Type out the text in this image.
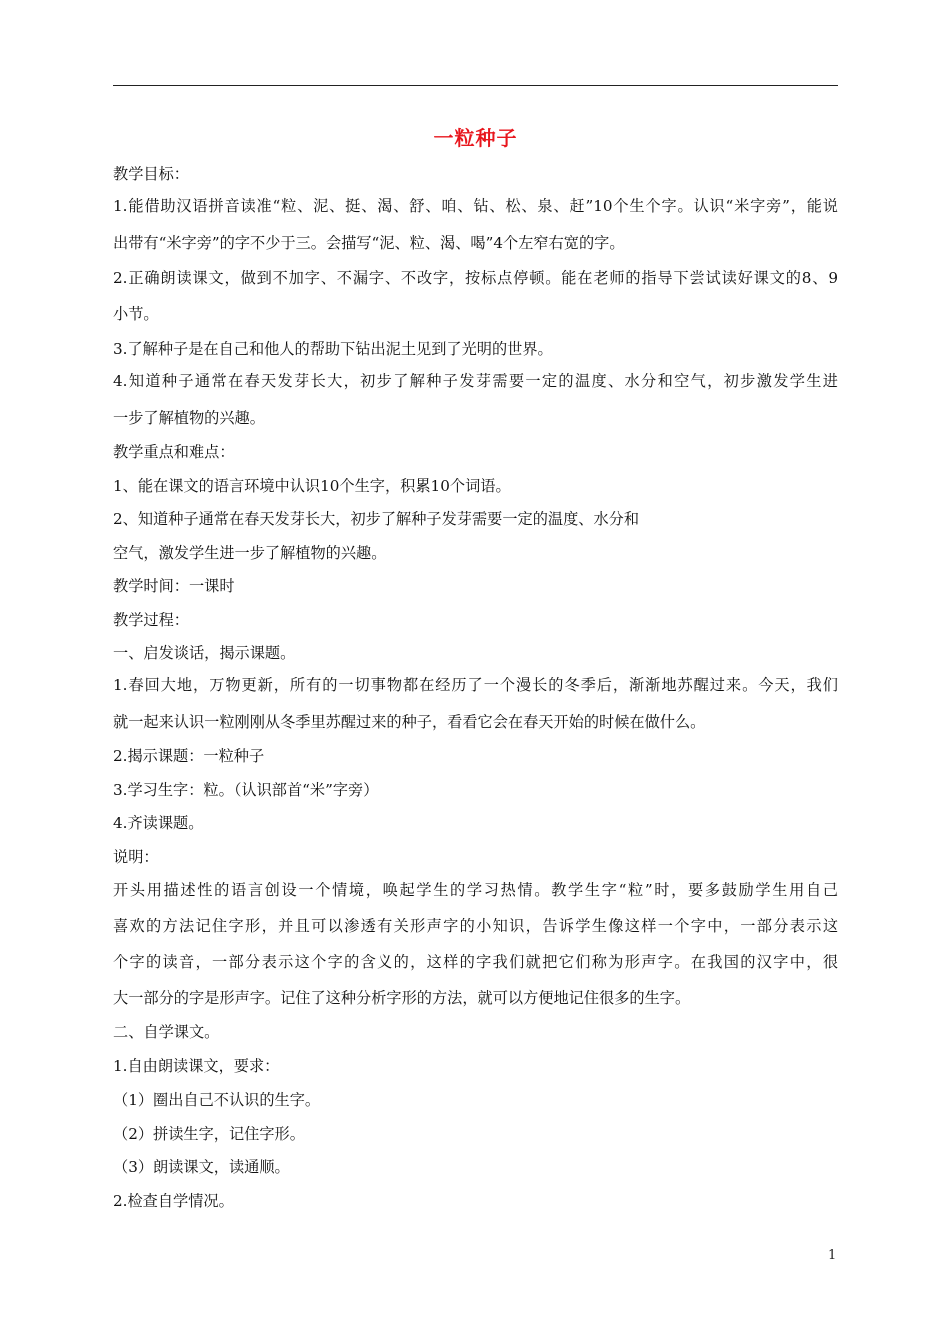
一粒种子
教学目标：
1.能借助汉语拼音读准“粒、泥、挺、渴、舒、咱、钻、松、泉、赶”10个生个字。认识“米字旁”，能说
出带有“米字旁”的字不少于三。会描写“泥、粒、渴、喝”4个左窄右宽的字。
2.正确朗读课文，做到不加字、不漏字、不改字，按标点停顿。能在老师的指导下尝试读好课文的8、9
小节。
3.了解种子是在自己和他人的帮助下钻出泥土见到了光明的世界。
4.知道种子通常在春天发芽长大，初步了解种子发芽需要一定的温度、水分和空气，初步激发学生进
一步了解植物的兴趣。
教学重点和难点：
1、能在课文的语言环境中认识10个生字，积累10个词语。
2、知道种子通常在春天发芽长大，初步了解种子发芽需要一定的温度、水分和
空气，激发学生进一步了解植物的兴趣。
教学时间：一课时
教学过程：
一、启发谈话，揭示课题。
1.春回大地，万物更新，所有的一切事物都在经历了一个漫长的冬季后，渐渐地苏醒过来。今天，我们
就一起来认识一粒刚刚从冬季里苏醒过来的种子，看看它会在春天开始的时候在做什么。
2.揭示课题：一粒种子
3.学习生字：粒。（认识部首“米”字旁）
4.齐读课题。
说明：
开头用描述性的语言创设一个情境，唤起学生的学习热情。教学生字“粒”时，要多鼓励学生用自己
喜欢的方法记住字形，并且可以渗透有关形声字的小知识，告诉学生像这样一个字中，一部分表示这
个字的读音，一部分表示这个字的含义的，这样的字我们就把它们称为形声字。在我国的汉字中，很
大一部分的字是形声字。记住了这种分析字形的方法，就可以方便地记住很多的生字。
二、自学课文。
1.自由朗读课文，要求：
（1）圈出自己不认识的生字。
（2）拼读生字，记住字形。
（3）朗读课文，读通顺。
2.检查自学情况。
1
